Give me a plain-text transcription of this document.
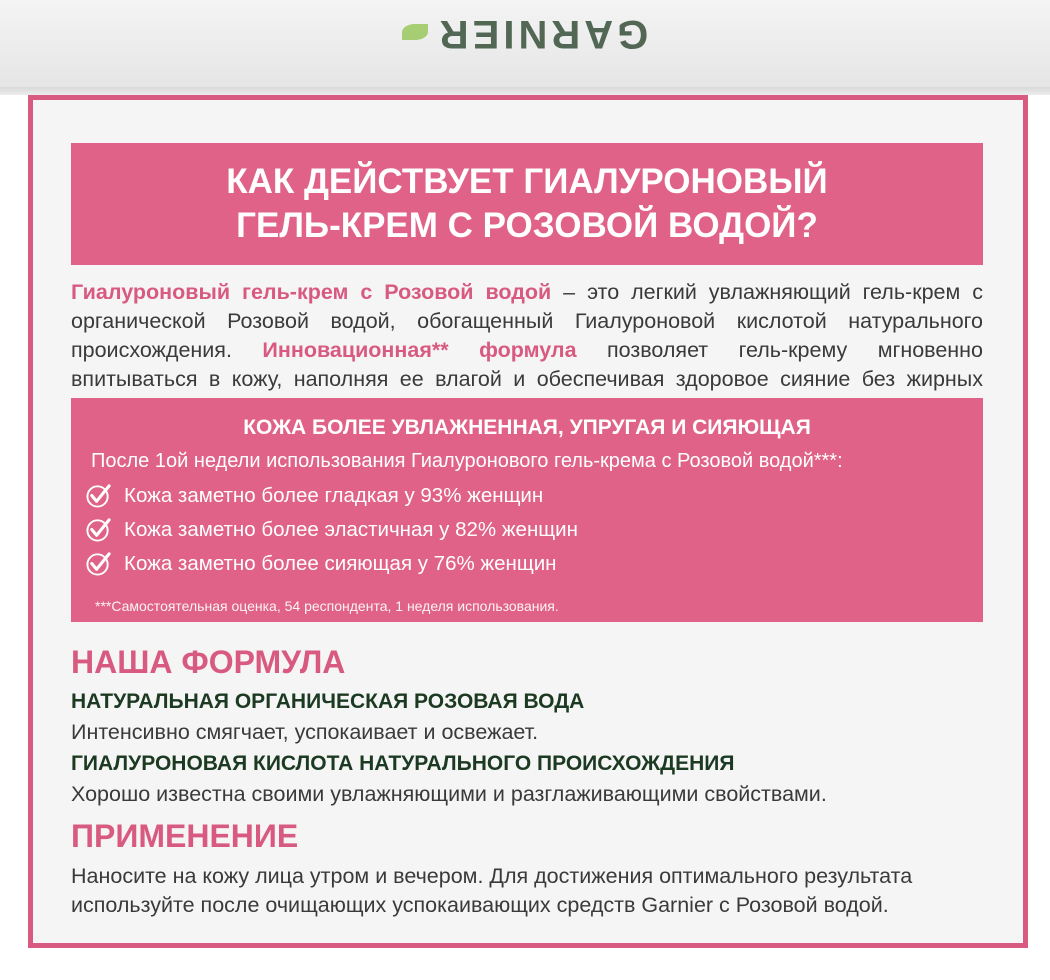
GARNIER
КАК ДЕЙСТВУЕТ ГИАЛУРОНОВЫЙ
ГЕЛЬ-КРЕМ С РОЗОВОЙ ВОДОЙ?
Гиалуроновый гель-крем с Розовой водой – это легкий увлажняющий гель-крем с органической Розовой водой, обогащенный Гиалуроновой кислотой натурального происхождения. Инновационная** формула позволяет гель-крему мгновенно впитываться в кожу, наполняя ее влагой и обеспечивая здоровое сияние без жирных
КОЖА БОЛЕЕ УВЛАЖНЕННАЯ, УПРУГАЯ И СИЯЮЩАЯ
После 1ой недели использования Гиалуронового гель-крема с Розовой водой***:
Кожа заметно более гладкая у 93% женщин
Кожа заметно более эластичная у 82% женщин
Кожа заметно более сияющая у 76% женщин
***Самостоятельная оценка, 54 респондента, 1 неделя использования.
НАША ФОРМУЛА
НАТУРАЛЬНАЯ ОРГАНИЧЕСКАЯ РОЗОВАЯ ВОДА
Интенсивно смягчает, успокаивает и освежает.
ГИАЛУРОНОВАЯ КИСЛОТА НАТУРАЛЬНОГО ПРОИСХОЖДЕНИЯ
Хорошо известна своими увлажняющими и разглаживающими свойствами.
ПРИМЕНЕНИЕ
Наносите на кожу лица утром и вечером. Для достижения оптимального результата используйте после очищающих успокаивающих средств Garnier с Розовой водой.
